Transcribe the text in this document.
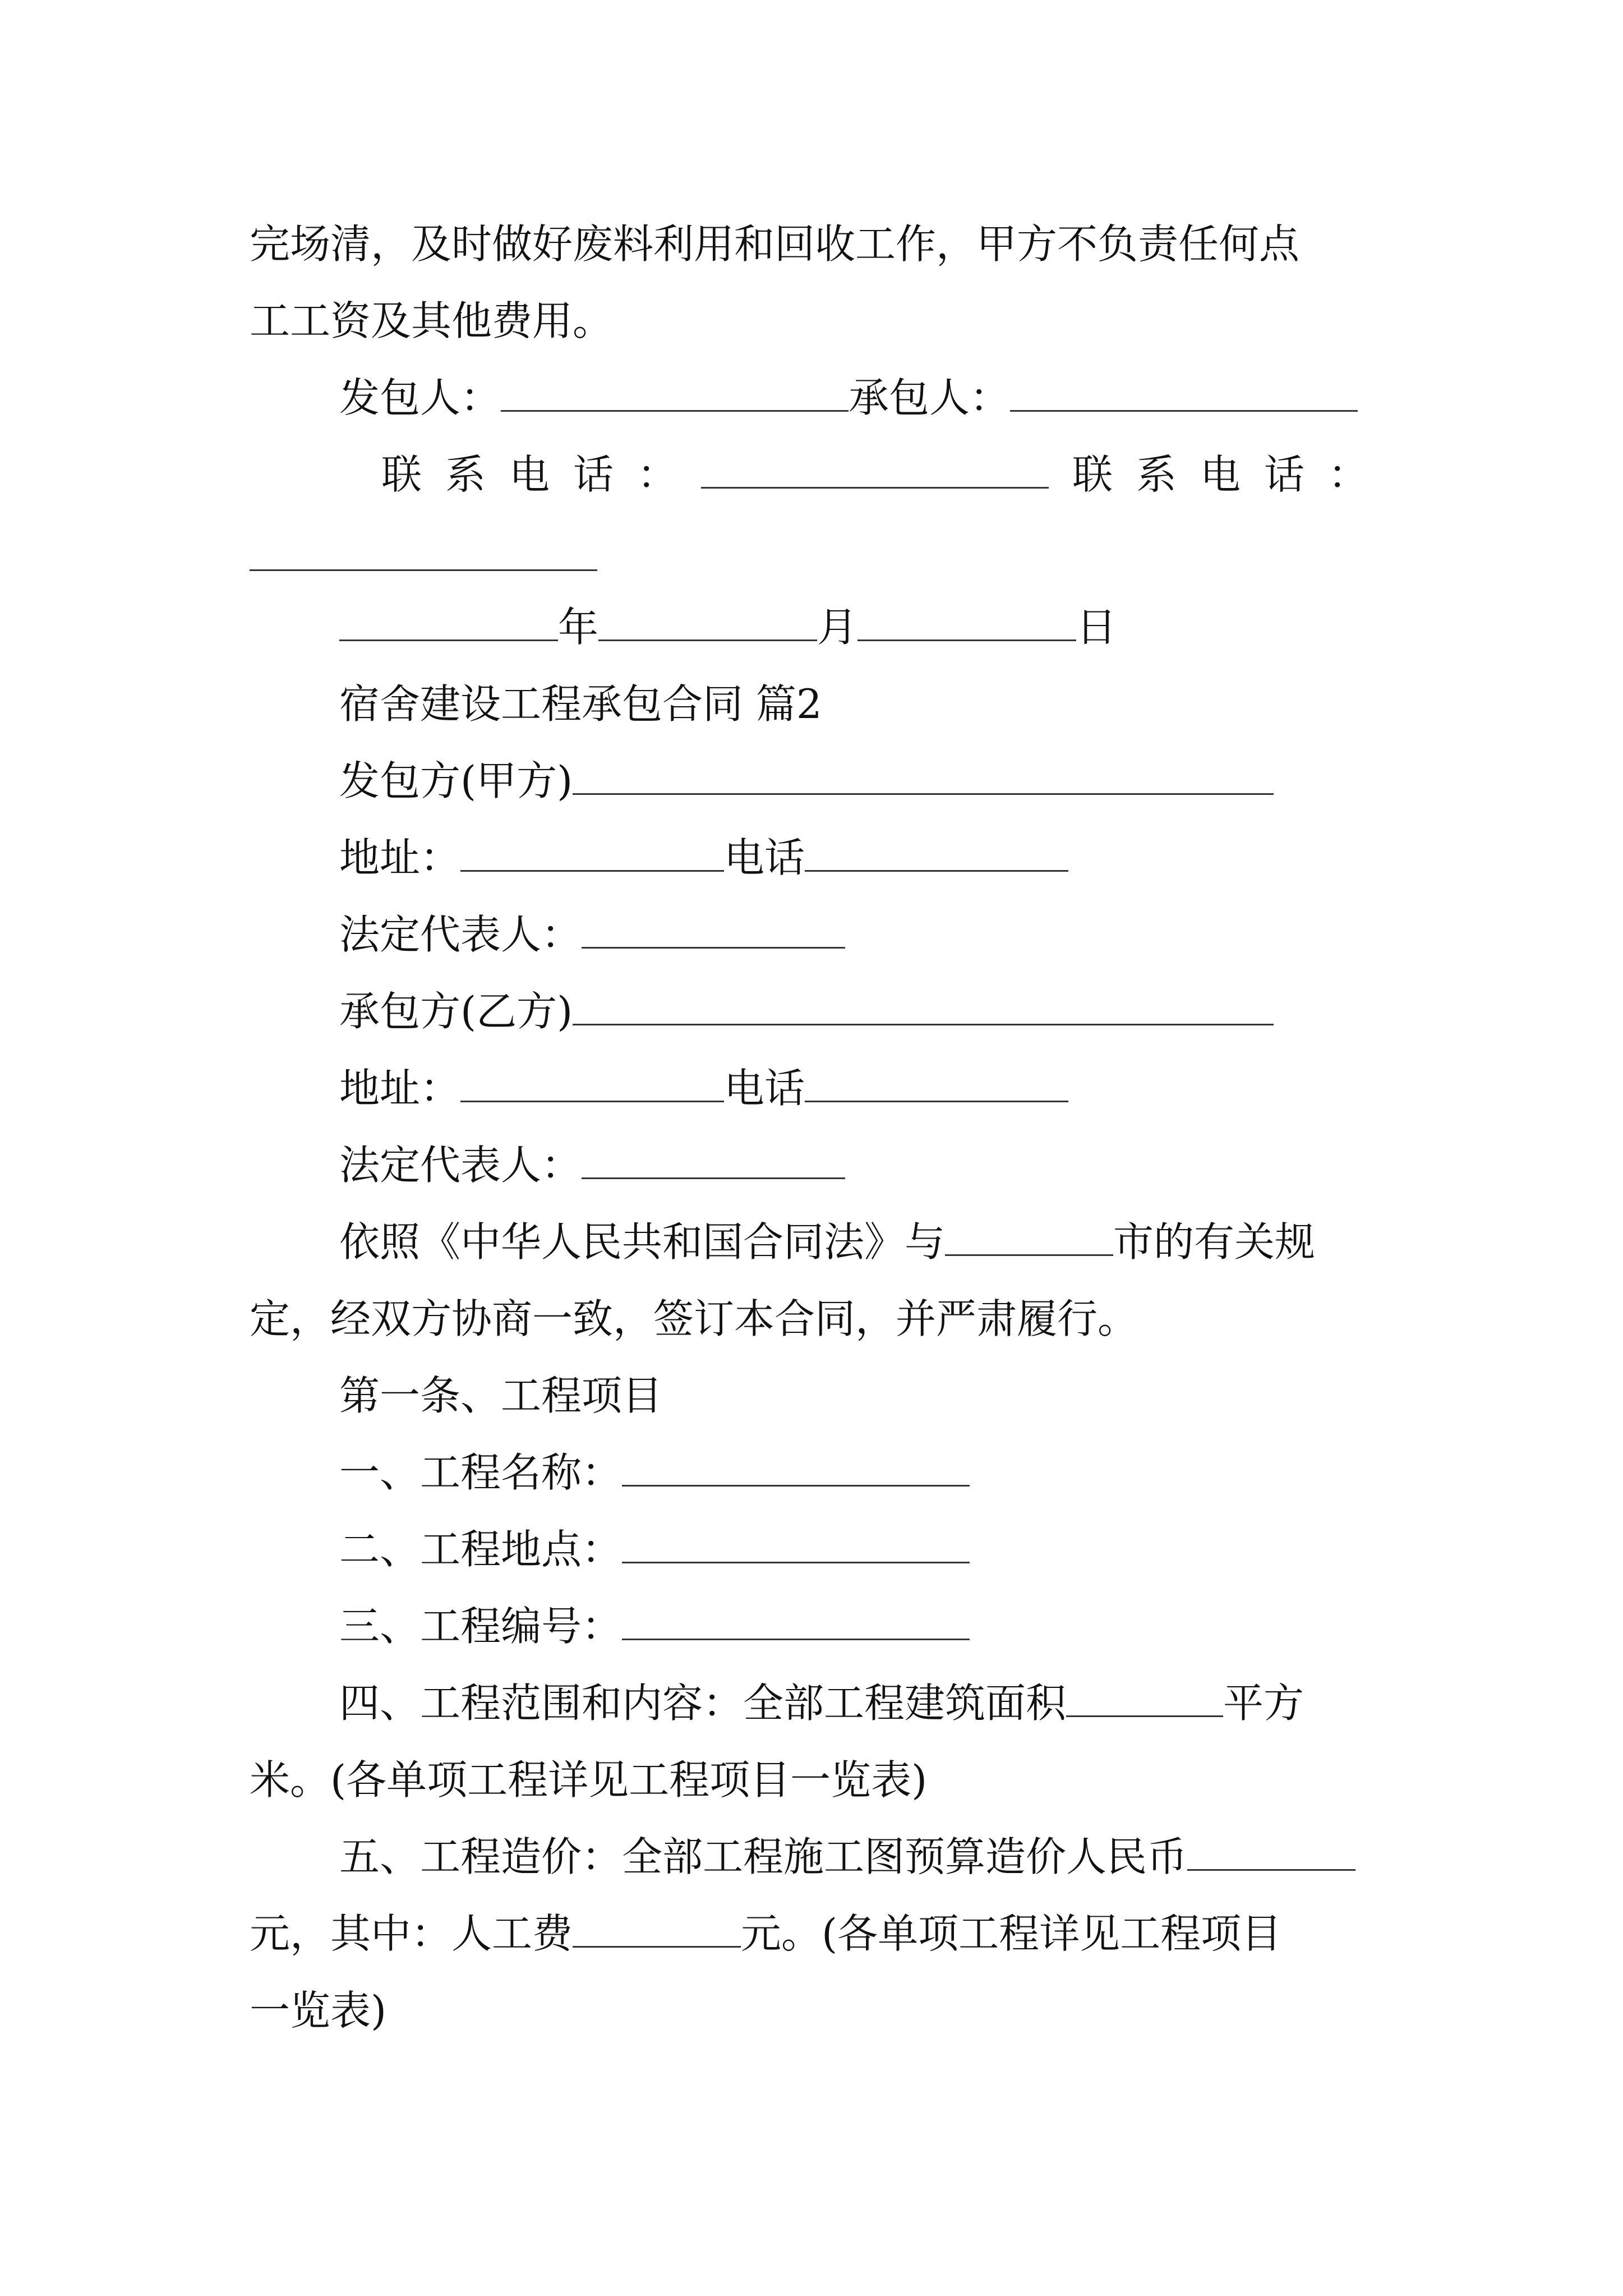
完场清，及时做好废料利用和回收工作，甲方不负责任何点
工工资及其他费用。
发包人：	承包人：
联 系 电 话 ：	联 系 电 话 ：
年	月	日
宿舍建设工程承包合同 篇2
发包方(甲方)
地址：	电话
法定代表人：
承包方(乙方)
地址：	电话
法定代表人：
依照《中华人民共和国合同法》与	市的有关规
定，经双方协商一致，签订本合同，并严肃履行。
第一条、工程项目
一、工程名称：
二、工程地点：
三、工程编号：
四、工程范围和内容：全部工程建筑面积	平方
米。(各单项工程详见工程项目一览表)
五、工程造价：全部工程施工图预算造价人民币
元，其中：人工费	元。(各单项工程详见工程项目
一览表)
